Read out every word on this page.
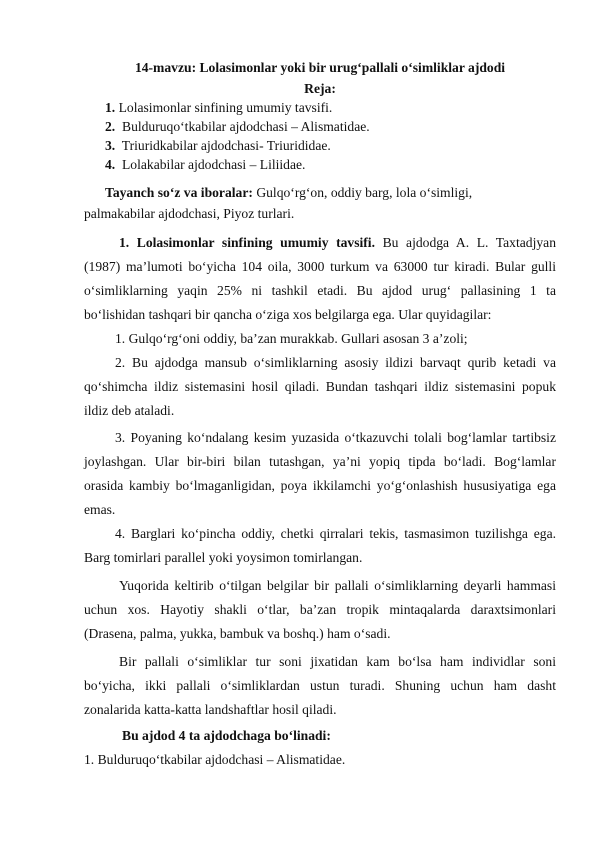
14-mavzu: Lolasimonlar yoki bir urug‘pallali o‘simliklar ajdodi
Reja:
1. Lolasimonlar sinfining umumiy tavsifi.
2. Bulduruqo‘tkabilar ajdodchasi – Alismatidae.
3. Triuridkabilar ajdodchasi- Triurididae.
4. Lolakabilar ajdodchasi – Liliidae.
Tayanch so‘z va iboralar: Gulqo‘rg‘on, oddiy barg, lola o‘simligi,
palmakabilar ajdodchasi, Piyoz turlari.
1. Lolasimonlar sinfining umumiy tavsifi. Bu ajdodga A. L. Taxtadjyan
(1987) ma’lumoti bo‘yicha 104 oila, 3000 turkum va 63000 tur kiradi. Bular gulli
o‘simliklarning yaqin 25% ni tashkil etadi. Bu ajdod urug‘ pallasining 1 ta
bo‘lishidan tashqari bir qancha o‘ziga xos belgilarga ega. Ular quyidagilar:
1. Gulqo‘rg‘oni oddiy, ba’zan murakkab. Gullari asosan 3 a’zoli;
2. Bu ajdodga mansub o‘simliklarning asosiy ildizi barvaqt qurib ketadi va
qo‘shimcha ildiz sistemasini hosil qiladi. Bundan tashqari ildiz sistemasini popuk
ildiz deb ataladi.
3. Poyaning ko‘ndalang kesim yuzasida o‘tkazuvchi tolali bog‘lamlar tartibsiz
joylashgan. Ular bir-biri bilan tutashgan, ya’ni yopiq tipda bo‘ladi. Bog‘lamlar
orasida kambiy bo‘lmaganligidan, poya ikkilamchi yo‘g‘onlashish hususiyatiga ega
emas.
4. Barglari ko‘pincha oddiy, chetki qirralari tekis, tasmasimon tuzilishga ega.
Barg tomirlari parallel yoki yoysimon tomirlangan.
Yuqorida keltirib o‘tilgan belgilar bir pallali o‘simliklarning deyarli hammasi
uchun xos. Hayotiy shakli o‘tlar, ba’zan tropik mintaqalarda daraxtsimonlari
(Drasena, palma, yukka, bambuk va boshq.) ham o‘sadi.
Bir pallali o‘simliklar tur soni jixatidan kam bo‘lsa ham individlar soni
bo‘yicha, ikki pallali o‘simliklardan ustun turadi. Shuning uchun ham dasht
zonalarida katta-katta landshaftlar hosil qiladi.
Bu ajdod 4 ta ajdodchaga bo‘linadi:
1. Bulduruqo‘tkabilar ajdodchasi – Alismatidae.
